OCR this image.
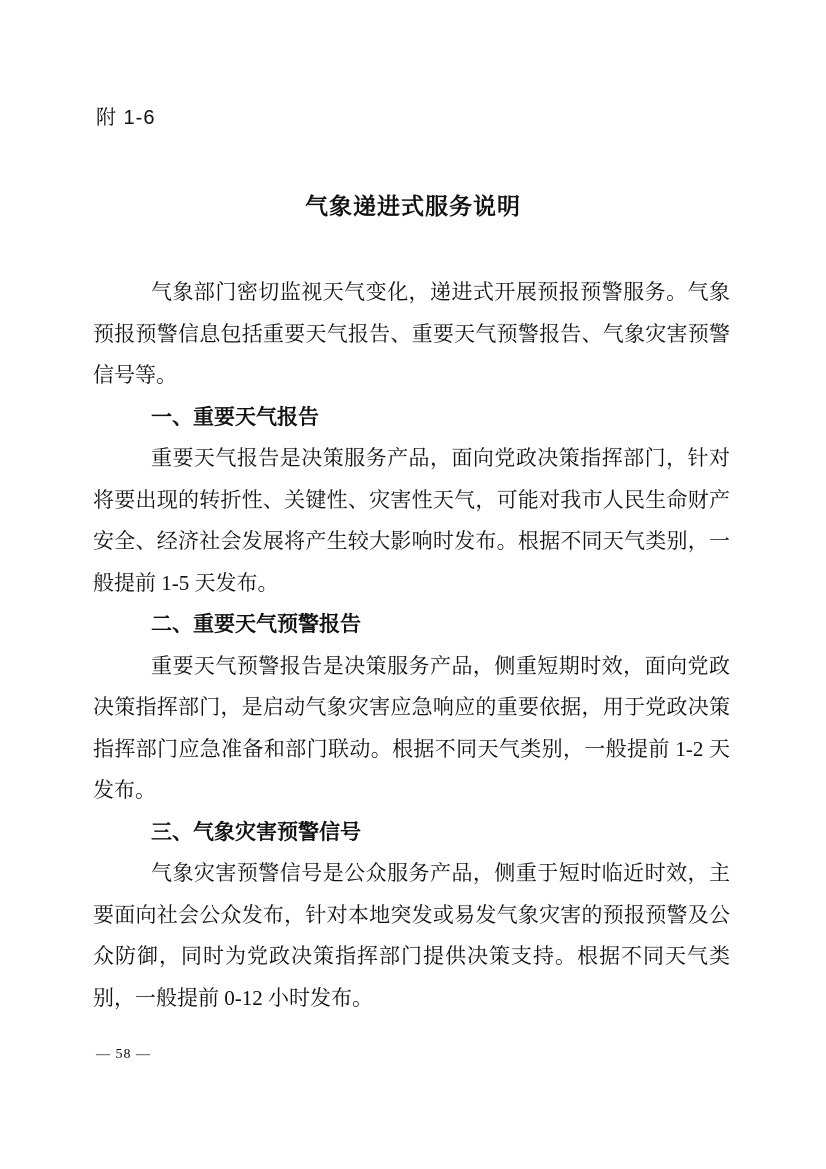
附 1-6
气象递进式服务说明

气象部门密切监视天气变化，递进式开展预报预警服务。气象预报预警信息包括重要天气报告、重要天气预警报告、气象灾害预警信号等。

一、重要天气报告

重要天气报告是决策服务产品，面向党政决策指挥部门，针对将要出现的转折性、关键性、灾害性天气，可能对我市人民生命财产安全、经济社会发展将产生较大影响时发布。根据不同天气类别，一般提前 1-5 天发布。

二、重要天气预警报告

重要天气预警报告是决策服务产品，侧重短期时效，面向党政决策指挥部门，是启动气象灾害应急响应的重要依据，用于党政决策指挥部门应急准备和部门联动。根据不同天气类别，一般提前 1-2 天发布。

三、气象灾害预警信号

气象灾害预警信号是公众服务产品，侧重于短时临近时效，主要面向社会公众发布，针对本地突发或易发气象灾害的预报预警及公众防御，同时为党政决策指挥部门提供决策支持。根据不同天气类别，一般提前 0-12 小时发布。

— 58 —
